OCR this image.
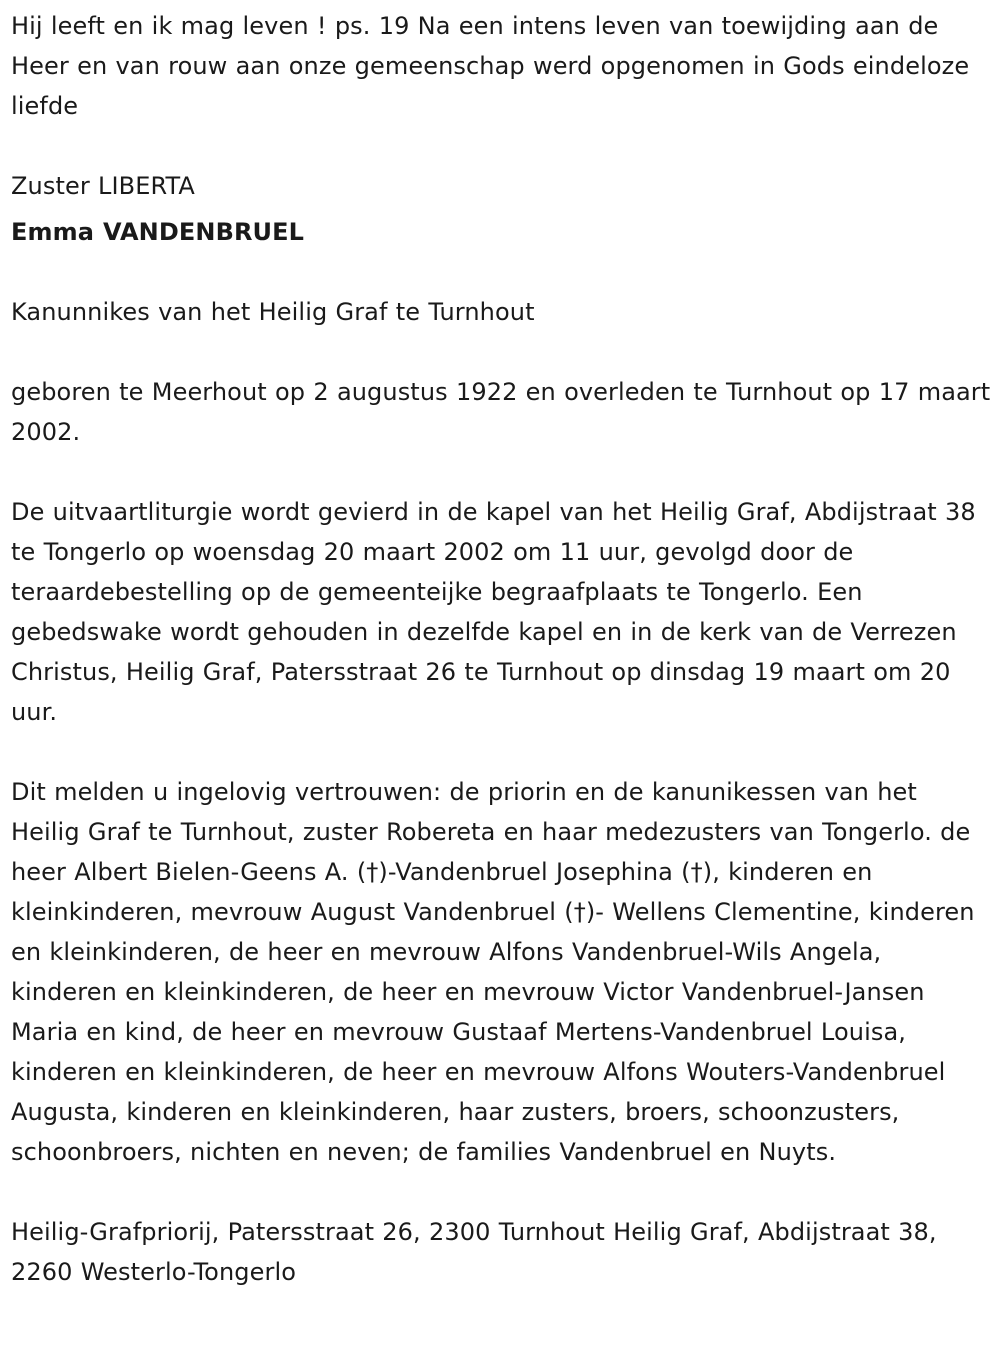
Hij leeft en ik mag leven ! ps. 19 Na een intens leven van toewijding aan de Heer en van rouw aan onze gemeenschap werd opgenomen in Gods eindeloze liefde

Zuster LIBERTA

Emma VANDENBRUEL

Kanunnikes van het Heilig Graf te Turnhout

geboren te Meerhout op 2 augustus 1922 en overleden te Turnhout op 17 maart 2002.

De uitvaartliturgie wordt gevierd in de kapel van het Heilig Graf, Abdijstraat 38 te Tongerlo op woensdag 20 maart 2002 om 11 uur, gevolgd door de teraardebestelling op de gemeenteijke begraafplaats te Tongerlo. Een gebedswake wordt gehouden in dezelfde kapel en in de kerk van de Verrezen Christus, Heilig Graf, Patersstraat 26 te Turnhout op dinsdag 19 maart om 20 uur.

Dit melden u ingelovig vertrouwen: de priorin en de kanunikessen van het Heilig Graf te Turnhout, zuster Robereta en haar medezusters van Tongerlo. de heer Albert Bielen-Geens A. (†)-Vandenbruel Josephina (†), kinderen en kleinkinderen, mevrouw August Vandenbruel (†)- Wellens Clementine, kinderen en kleinkinderen, de heer en mevrouw Alfons Vandenbruel-Wils Angela, kinderen en kleinkinderen, de heer en mevrouw Victor Vandenbruel-Jansen Maria en kind, de heer en mevrouw Gustaaf Mertens-Vandenbruel Louisa, kinderen en kleinkinderen, de heer en mevrouw Alfons Wouters-Vandenbruel Augusta, kinderen en kleinkinderen, haar zusters, broers, schoonzusters, schoonbroers, nichten en neven; de families Vandenbruel en Nuyts.

Heilig-Grafpriorij, Patersstraat 26, 2300 Turnhout Heilig Graf, Abdijstraat 38, 2260 Westerlo-Tongerlo
